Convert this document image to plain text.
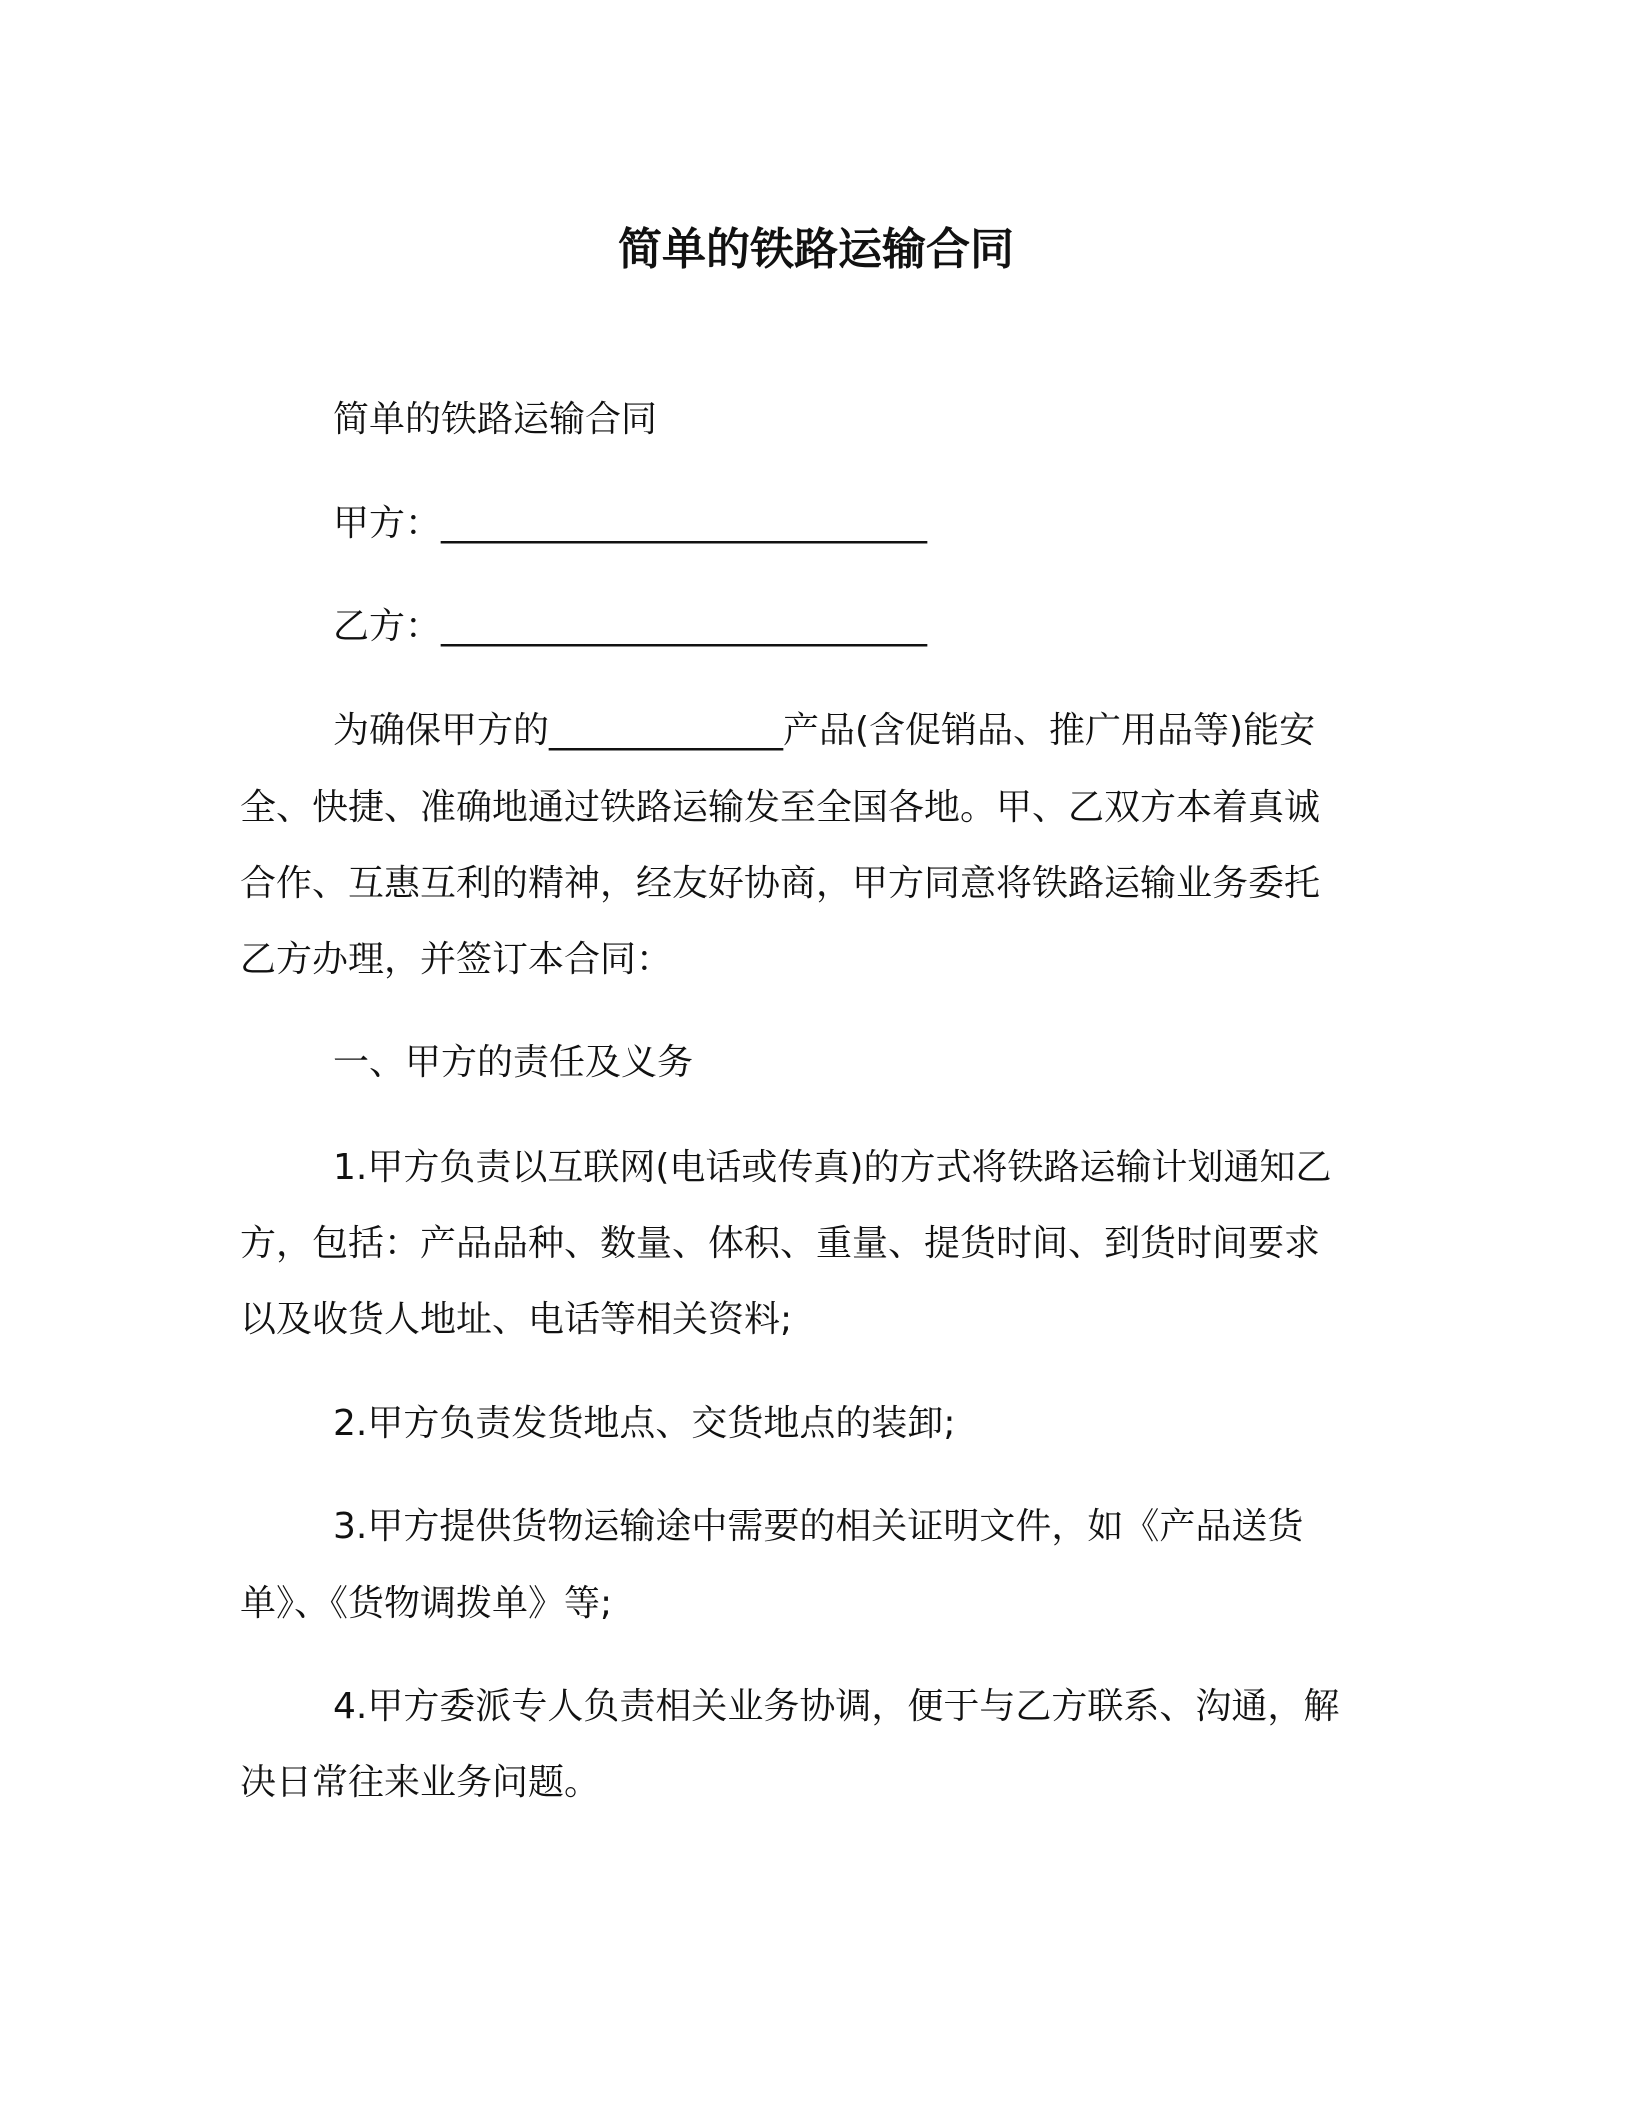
简单的铁路运输合同
简单的铁路运输合同
甲方：___________________________
乙方：___________________________
为确保甲方的_____________产品(含促销品、推广用品等)能安
全、快捷、准确地通过铁路运输发至全国各地。甲、乙双方本着真诚
合作、互惠互利的精神，经友好协商，甲方同意将铁路运输业务委托
乙方办理，并签订本合同：
一、甲方的责任及义务
1.甲方负责以互联网(电话或传真)的方式将铁路运输计划通知乙
方，包括：产品品种、数量、体积、重量、提货时间、到货时间要求
以及收货人地址、电话等相关资料;
2.甲方负责发货地点、交货地点的装卸;
3.甲方提供货物运输途中需要的相关证明文件，如《产品送货
单》、《货物调拨单》等;
4.甲方委派专人负责相关业务协调，便于与乙方联系、沟通，解
决日常往来业务问题。
